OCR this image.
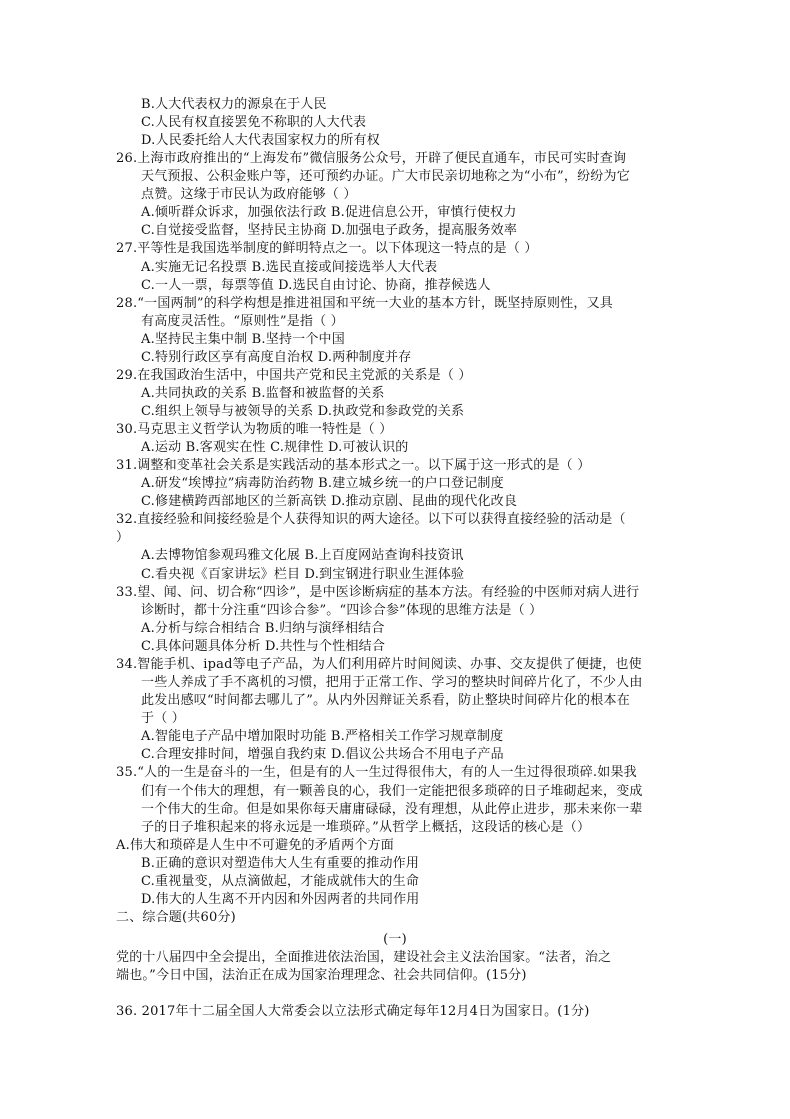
B.人大代表权力的源泉在于人民
C.人民有权直接罢免不称职的人大代表
D.人民委托给人大代表国家权力的所有权
26.上海市政府推出的“上海发布”微信服务公众号，开辟了便民直通车，市民可实时查询
天气预报、公积金账户等，还可预约办证。广大市民亲切地称之为“小布”，纷纷为它
点赞。这缘于市民认为政府能够（ ）
A.倾听群众诉求，加强依法行政 B.促进信息公开，审慎行使权力
C.自觉接受监督，坚持民主协商 D.加强电子政务，提高服务效率
27.平等性是我国选举制度的鲜明特点之一。以下体现这一特点的是（ ）
A.实施无记名投票 B.选民直接或间接选举人大代表
C.一人一票，每票等值 D.选民自由讨论、协商，推荐候选人
28.“一国两制”的科学构想是推进祖国和平统一大业的基本方针，既坚持原则性，又具
有高度灵活性。“原则性”是指（ ）
A.坚持民主集中制 B.坚持一个中国
C.特别行政区享有高度自治权 D.两种制度并存
29.在我国政治生活中，中国共产党和民主党派的关系是（ ）
A.共同执政的关系 B.监督和被监督的关系
C.组织上领导与被领导的关系 D.执政党和参政党的关系
30.马克思主义哲学认为物质的唯一特性是（ ）
A.运动 B.客观实在性 C.规律性 D.可被认识的
31.调整和变革社会关系是实践活动的基本形式之一。以下属于这一形式的是（ ）
A.研发“埃博拉”病毒防治药物 B.建立城乡统一的户口登记制度
C.修建横跨西部地区的兰新高铁 D.推动京剧、昆曲的现代化改良
32.直接经验和间接经验是个人获得知识的两大途径。以下可以获得直接经验的活动是（
）
A.去博物馆参观玛雅文化展 B.上百度网站查询科技资讯
C.看央视《百家讲坛》栏目 D.到宝钢进行职业生涯体验
33.望、闻、问、切合称“四诊”，是中医诊断病症的基本方法。有经验的中医师对病人进行
诊断时，都十分注重“四诊合参”。“四诊合参”体现的思维方法是（ ）
A.分析与综合相结合 B.归纳与演绎相结合
C.具体问题具体分析 D.共性与个性相结合
34.智能手机、ipad等电子产品，为人们利用碎片时间阅读、办事、交友提供了便捷，也使
一些人养成了手不离机的习惯，把用于正常工作、学习的整块时间碎片化了，不少人由
此发出感叹“时间都去哪儿了”。从内外因辩证关系看，防止整块时间碎片化的根本在
于（ ）
A.智能电子产品中增加限时功能 B.严格相关工作学习规章制度
C.合理安排时间，增强自我约束 D.倡议公共场合不用电子产品
35.“人的一生是奋斗的一生，但是有的人一生过得很伟大，有的人一生过得很琐碎.如果我
们有一个伟大的理想，有一颗善良的心，我们一定能把很多琐碎的日子堆砌起来，变成
一个伟大的生命。但是如果你每天庸庸碌碌，没有理想，从此停止进步，那未来你一辈
子的日子堆积起来的将永远是一堆琐碎。”从哲学上概括，这段话的核心是（）
A.伟大和琐碎是人生中不可避免的矛盾两个方面
B.正确的意识对塑造伟大人生有重要的推动作用
C.重视量变，从点滴做起，才能成就伟大的生命
D.伟大的人生离不开内因和外因两者的共同作用
二、综合题(共60分)
(一)
党的十八届四中全会提出，全面推进依法治国，建设社会主义法治国家。“法者，治之
端也。”今日中国，法治正在成为国家治理理念、社会共同信仰。(15分)
36. 2017年十二届全国人大常委会以立法形式确定每年12月4日为国家日。(1分)
